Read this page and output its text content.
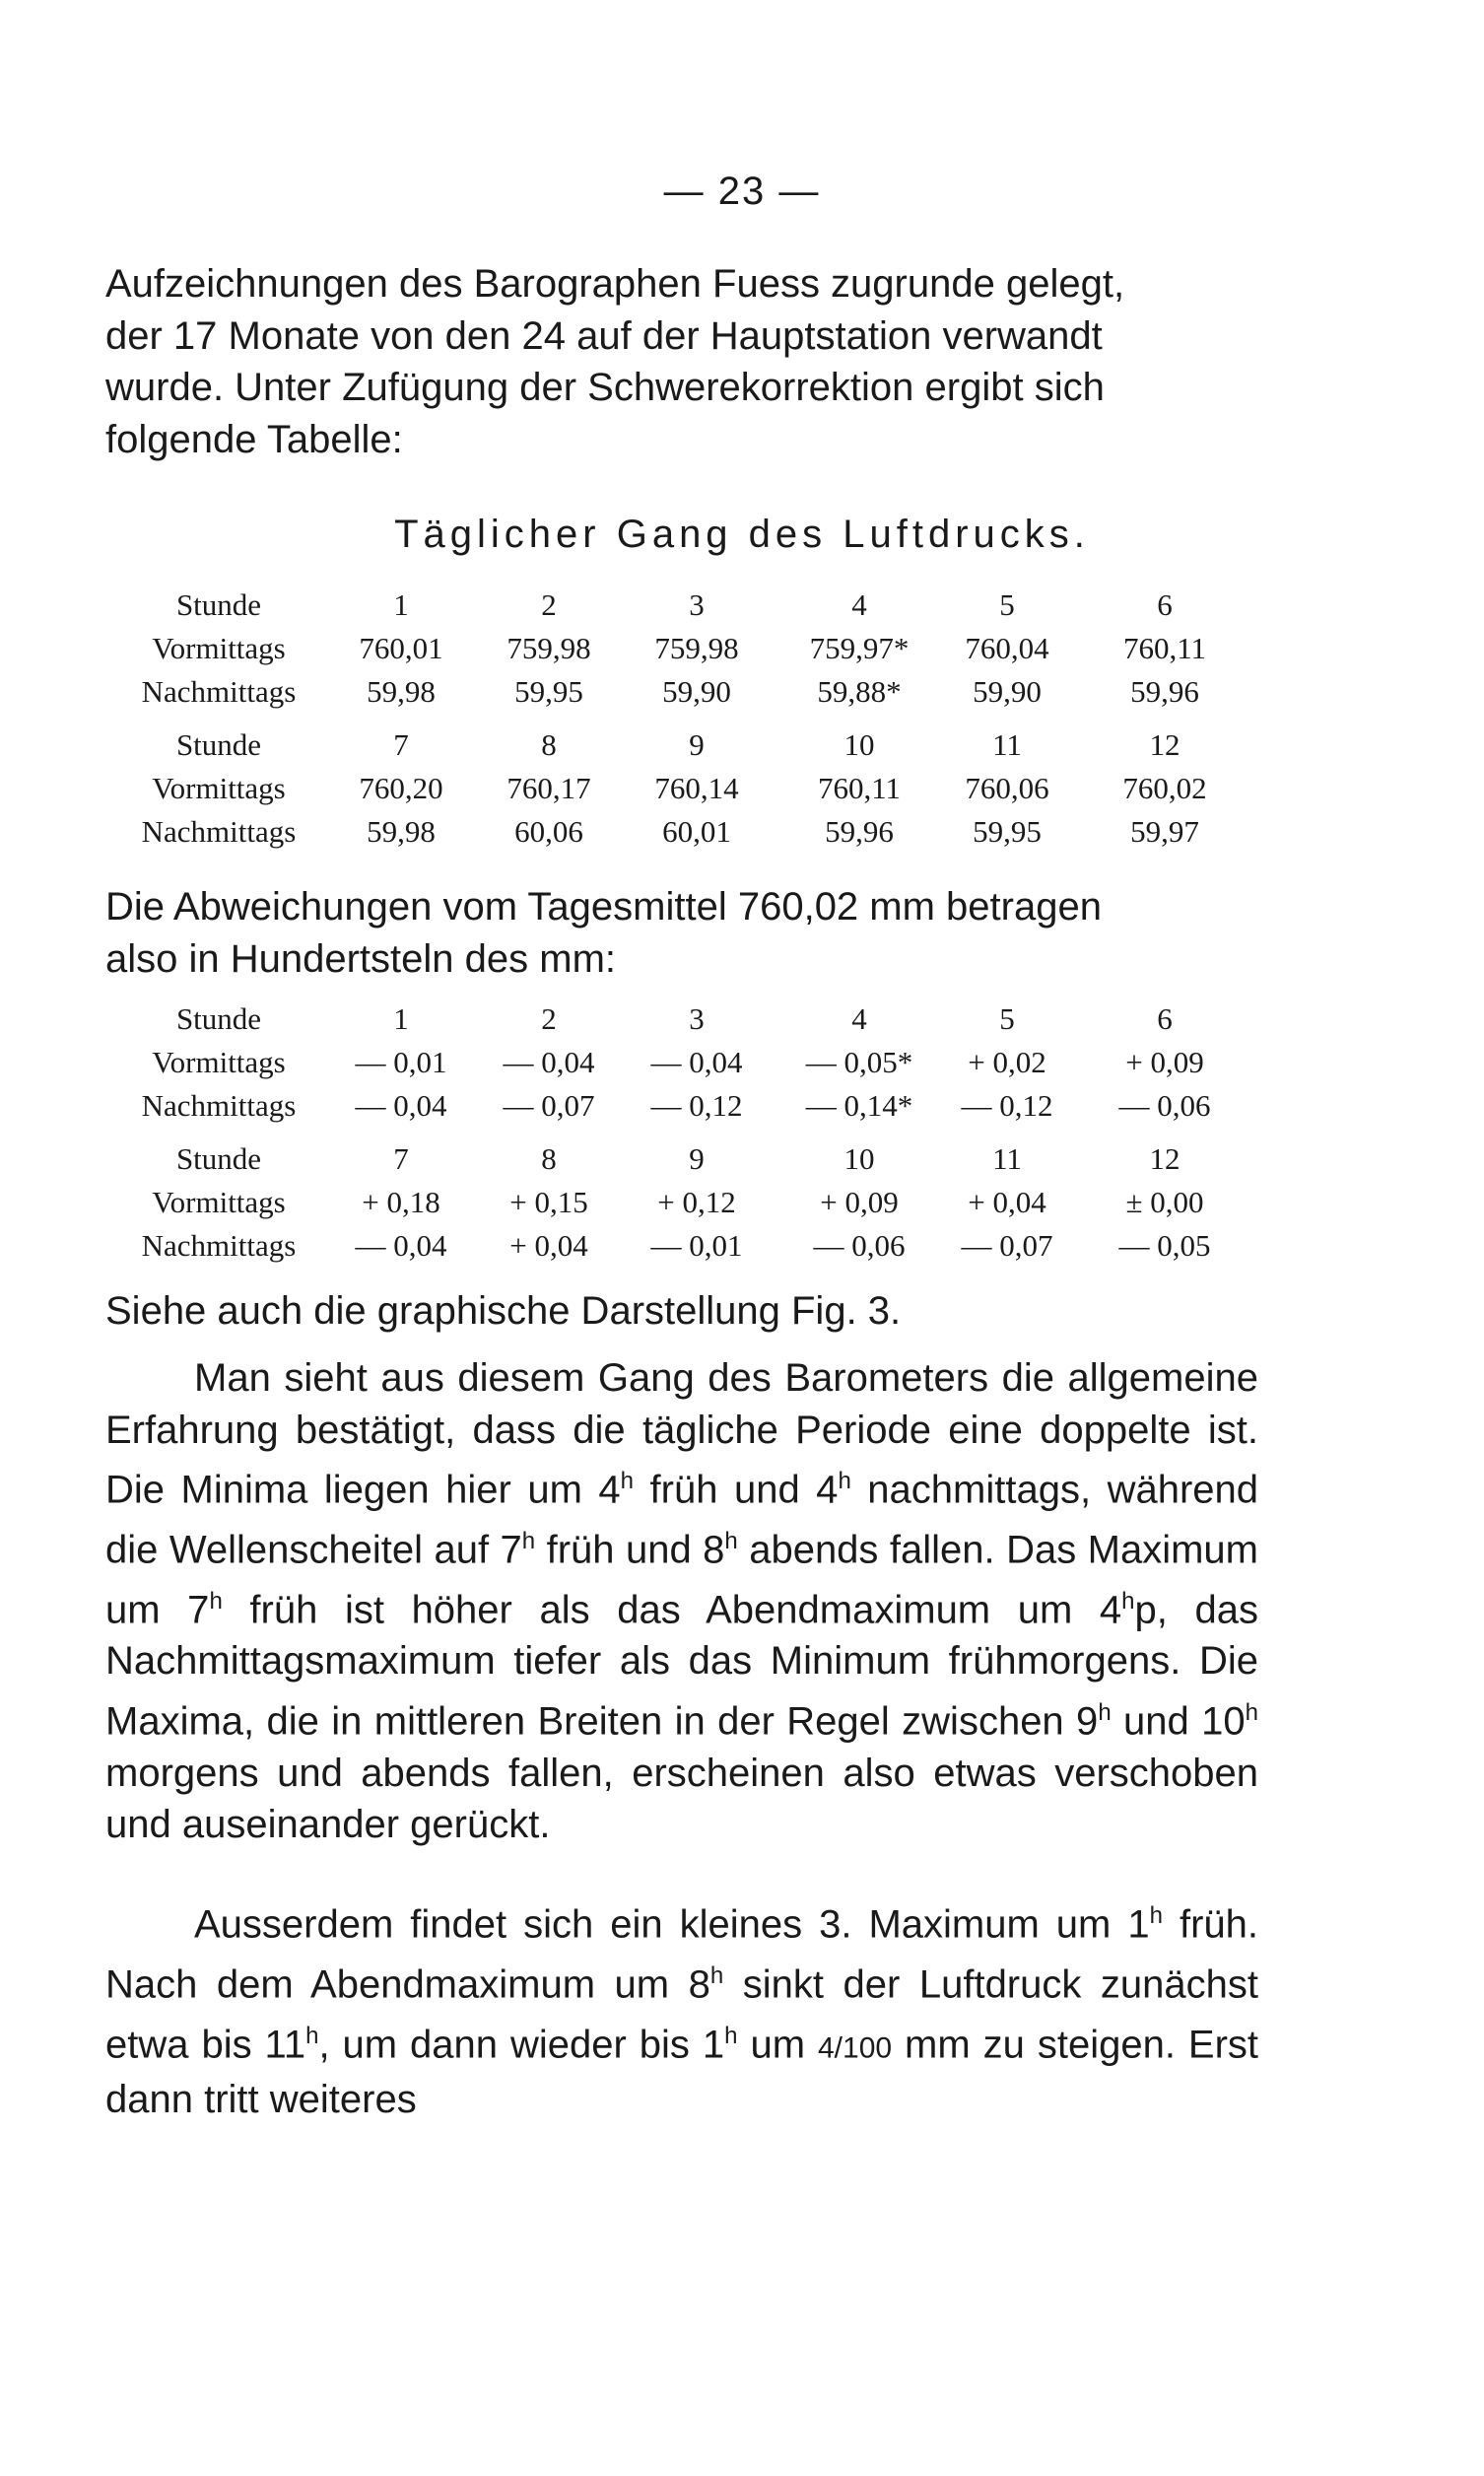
— 23 —

Aufzeichnungen des Barographen Fuess zugrunde gelegt,
der 17 Monate von den 24 auf der Hauptstation verwandt
wurde. Unter Zufügung der Schwerekorrektion ergibt sich
folgende Tabelle:

Täglicher Gang des Luftdrucks.
Stunde	1	2	3	4	5	6
Vormittags	760,01	759,98	759,98	759,97*	760,04	760,11
Nachmittags	59,98	59,95	59,90	59,88*	59,90	59,96
Stunde	7	8	9	10	11	12
Vormittags	760,20	760,17	760,14	760,11	760,06	760,02
Nachmittags	59,98	60,06	60,01	59,96	59,95	59,97

Die Abweichungen vom Tagesmittel 760,02 mm betragen
also in Hundertsteln des mm:

Stunde	1	2	3	4	5	6
Vormittags	— 0,01	— 0,04	— 0,04	— 0,05*	+ 0,02	+ 0,09
Nachmittags	— 0,04	— 0,07	— 0,12	— 0,14*	— 0,12	— 0,06
Stunde	7	8	9	10	11	12
Vormittags	+ 0,18	+ 0,15	+ 0,12	+ 0,09	+ 0,04	± 0,00
Nachmittags	— 0,04	+ 0,04	— 0,01	— 0,06	— 0,07	— 0,05

Siehe auch die graphische Darstellung Fig. 3.

Man sieht aus diesem Gang des Barometers die allgemeine Erfahrung bestätigt, dass die tägliche Periode eine doppelte ist. Die Minima liegen hier um 4$^h$ früh und 4$^h$ nachmittags, während die Wellenscheitel auf 7$^h$ früh und 8$^h$ abends fallen. Das Maximum um 7$^h$ früh ist höher als das Abendmaximum um 4$^h$p, das Nachmittagsmaximum tiefer als das Minimum frühmorgens. Die Maxima, die in mittleren Breiten in der Regel zwischen 9$^h$ und 10$^h$ morgens und abends fallen, erscheinen also etwas verschoben und auseinander gerückt.

Ausserdem findet sich ein kleines 3. Maximum um 1$^h$ früh. Nach dem Abendmaximum um 8$^h$ sinkt der Luftdruck zunächst etwa bis 11$^h$, um dann wieder bis 1$^h$ um 4/100 mm zu steigen. Erst dann tritt weiteres
